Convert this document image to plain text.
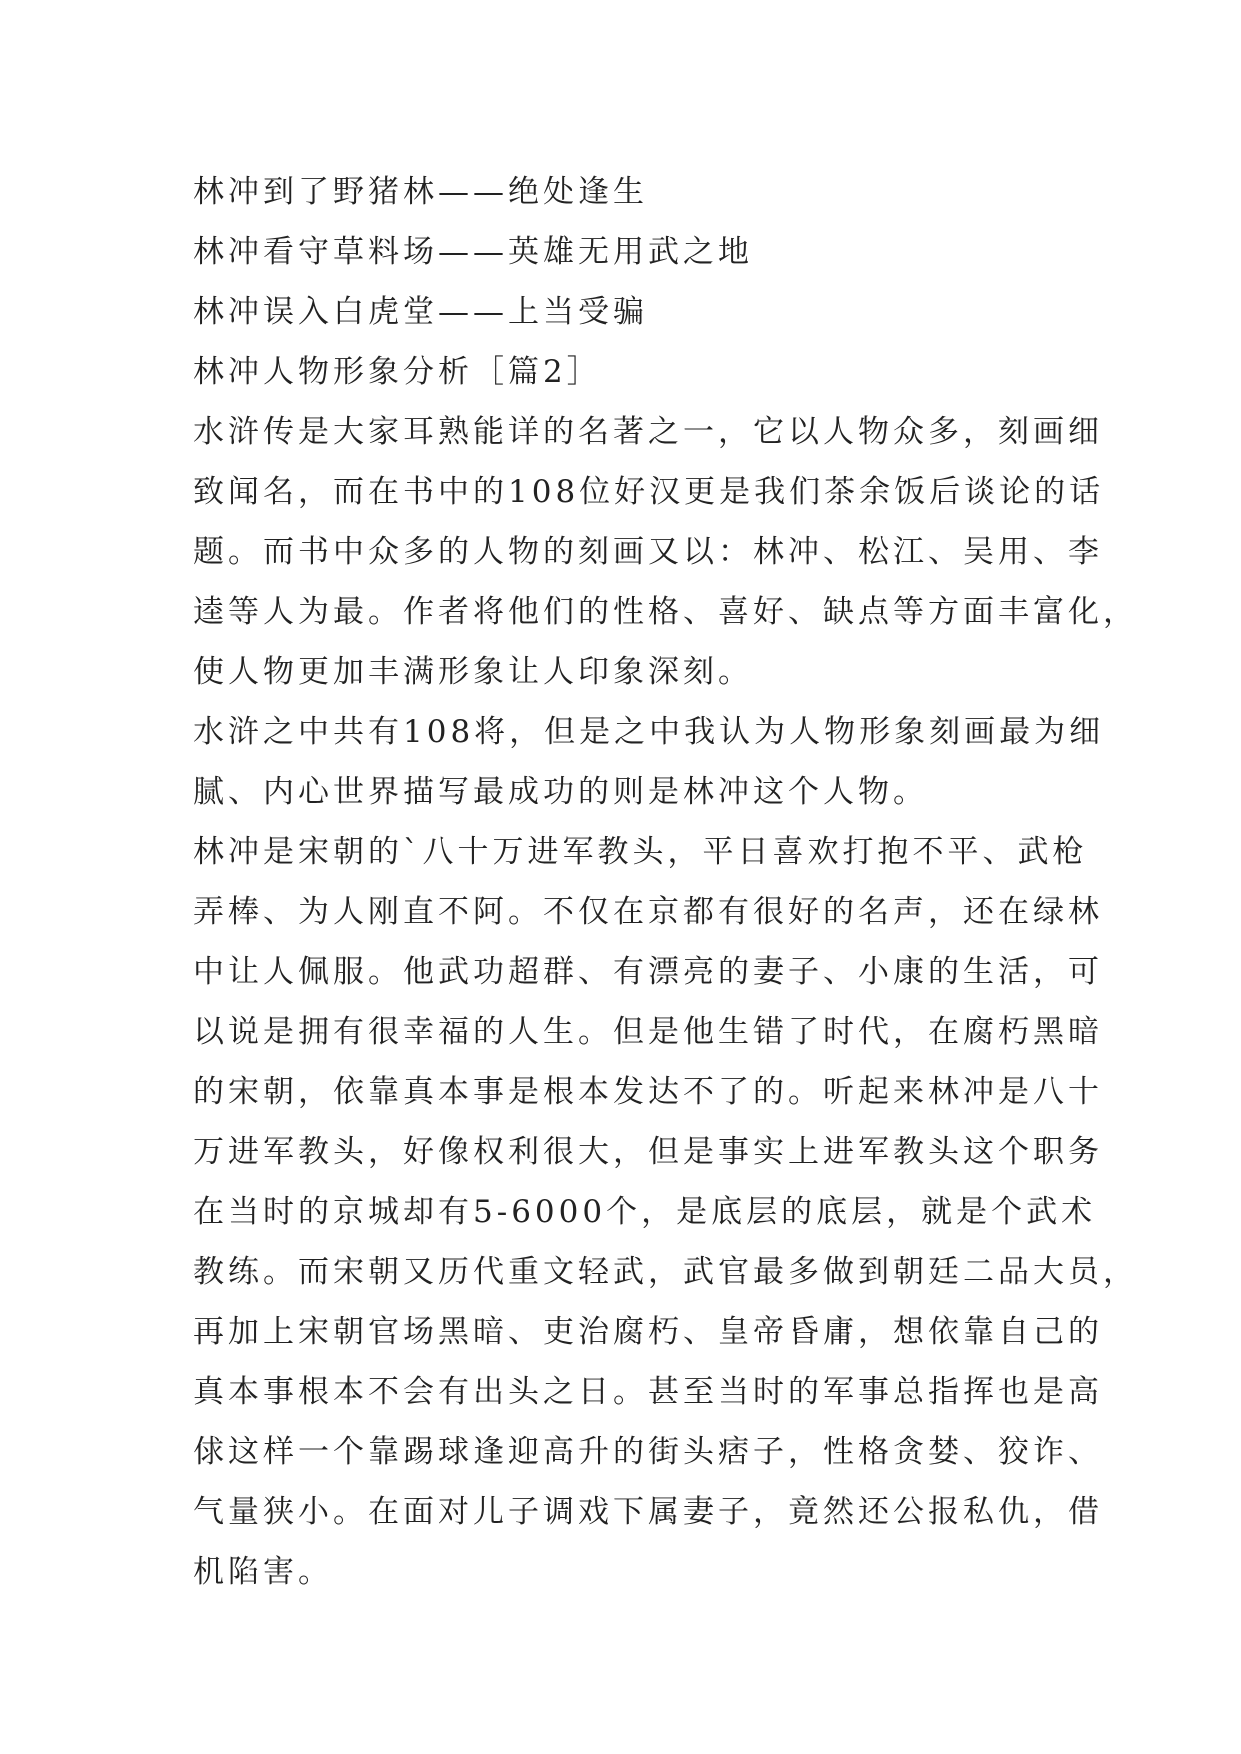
林冲到了野猪林——绝处逢生
林冲看守草料场——英雄无用武之地
林冲误入白虎堂——上当受骗
林冲人物形象分析［篇2］
水浒传是大家耳熟能详的名著之一，它以人物众多，刻画细
致闻名，而在书中的108位好汉更是我们茶余饭后谈论的话
题。而书中众多的人物的刻画又以：林冲、松江、吴用、李
逵等人为最。作者将他们的性格、喜好、缺点等方面丰富化，
使人物更加丰满形象让人印象深刻。
水浒之中共有108将，但是之中我认为人物形象刻画最为细
腻、内心世界描写最成功的则是林冲这个人物。
林冲是宋朝的`八十万进军教头，平日喜欢打抱不平、武枪
弄棒、为人刚直不阿。不仅在京都有很好的名声，还在绿林
中让人佩服。他武功超群、有漂亮的妻子、小康的生活，可
以说是拥有很幸福的人生。但是他生错了时代，在腐朽黑暗
的宋朝，依靠真本事是根本发达不了的。听起来林冲是八十
万进军教头，好像权利很大，但是事实上进军教头这个职务
在当时的京城却有5-6000个，是底层的底层，就是个武术
教练。而宋朝又历代重文轻武，武官最多做到朝廷二品大员，
再加上宋朝官场黑暗、吏治腐朽、皇帝昏庸，想依靠自己的
真本事根本不会有出头之日。甚至当时的军事总指挥也是高
俅这样一个靠踢球逢迎高升的街头痞子，性格贪婪、狡诈、
气量狭小。在面对儿子调戏下属妻子，竟然还公报私仇，借
机陷害。
